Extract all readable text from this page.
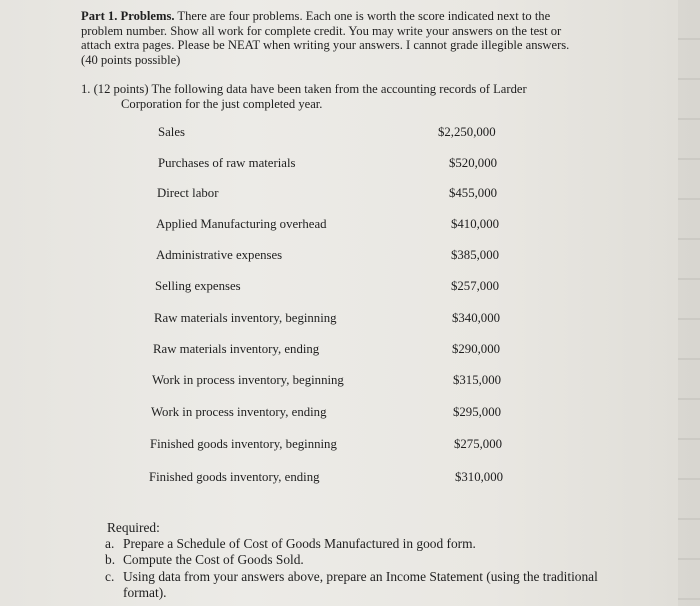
Part 1. Problems. There are four problems. Each one is worth the score indicated next to the problem number. Show all work for complete credit. You may write your answers on the test or attach extra pages. Please be NEAT when writing your answers. I cannot grade illegible answers. (40 points possible)
1. (12 points) The following data have been taken from the accounting records of Larder
Corporation for the just completed year.
Sales	$2,250,000
Purchases of raw materials	$520,000
Direct labor	$455,000
Applied Manufacturing overhead	$410,000
Administrative expenses	$385,000
Selling expenses	$257,000
Raw materials inventory, beginning	$340,000
Raw materials inventory, ending	$290,000
Work in process inventory, beginning	$315,000
Work in process inventory, ending	$295,000
Finished goods inventory, beginning	$275,000
Finished goods inventory, ending	$310,000
Required:
a. Prepare a Schedule of Cost of Goods Manufactured in good form.
b. Compute the Cost of Goods Sold.
c. Using data from your answers above, prepare an Income Statement (using the traditional format).
